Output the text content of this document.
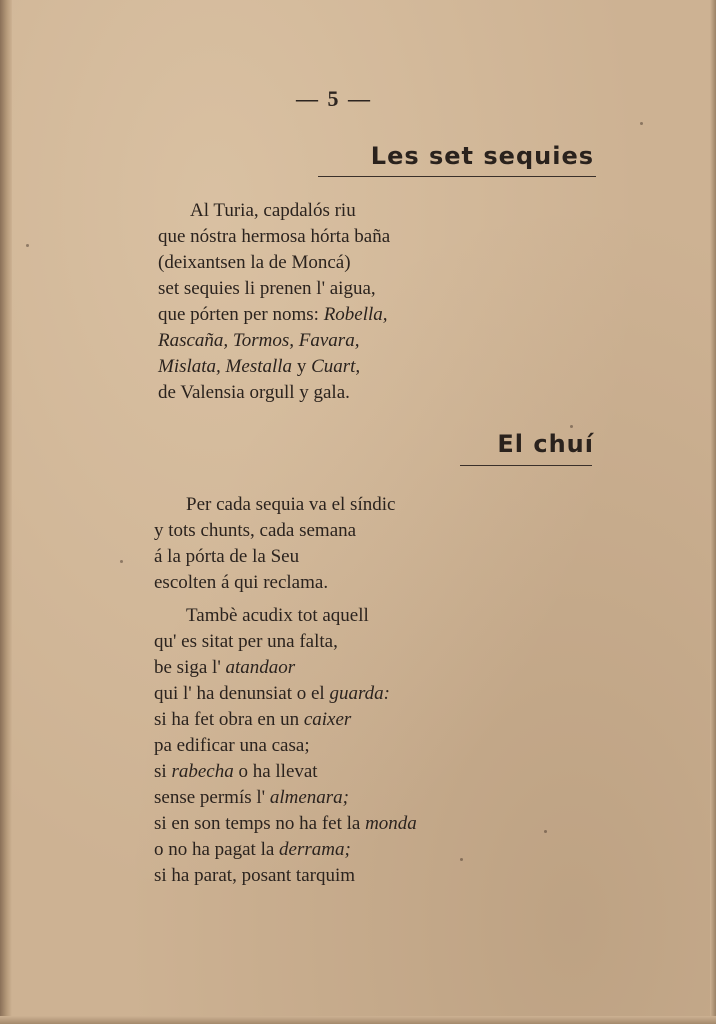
— 5 —
Les set sequies
Al Turia, capdalós riu
que nóstra hermosa hórta baña
(deixantsen la de Moncá)
set sequies li prenen l' aigua,
que pórten per noms: Robella,
Rascaña, Tormos, Favara,
Mislata, Mestalla y Cuart,
de Valensia orgull y gala.
El chuí
Per cada sequia va el síndic
y tots chunts, cada semana
á la pórta de la Seu
escolten á qui reclama.
Tambè acudix tot aquell
qu' es sitat per una falta,
be siga l' atandaor
qui l' ha denunsiat o el guarda:
si ha fet obra en un caixer
pa edificar una casa;
si rabecha o ha llevat
sense permís l' almenara;
si en son temps no ha fet la monda
o no ha pagat la derrama;
si ha parat, posant tarquim
